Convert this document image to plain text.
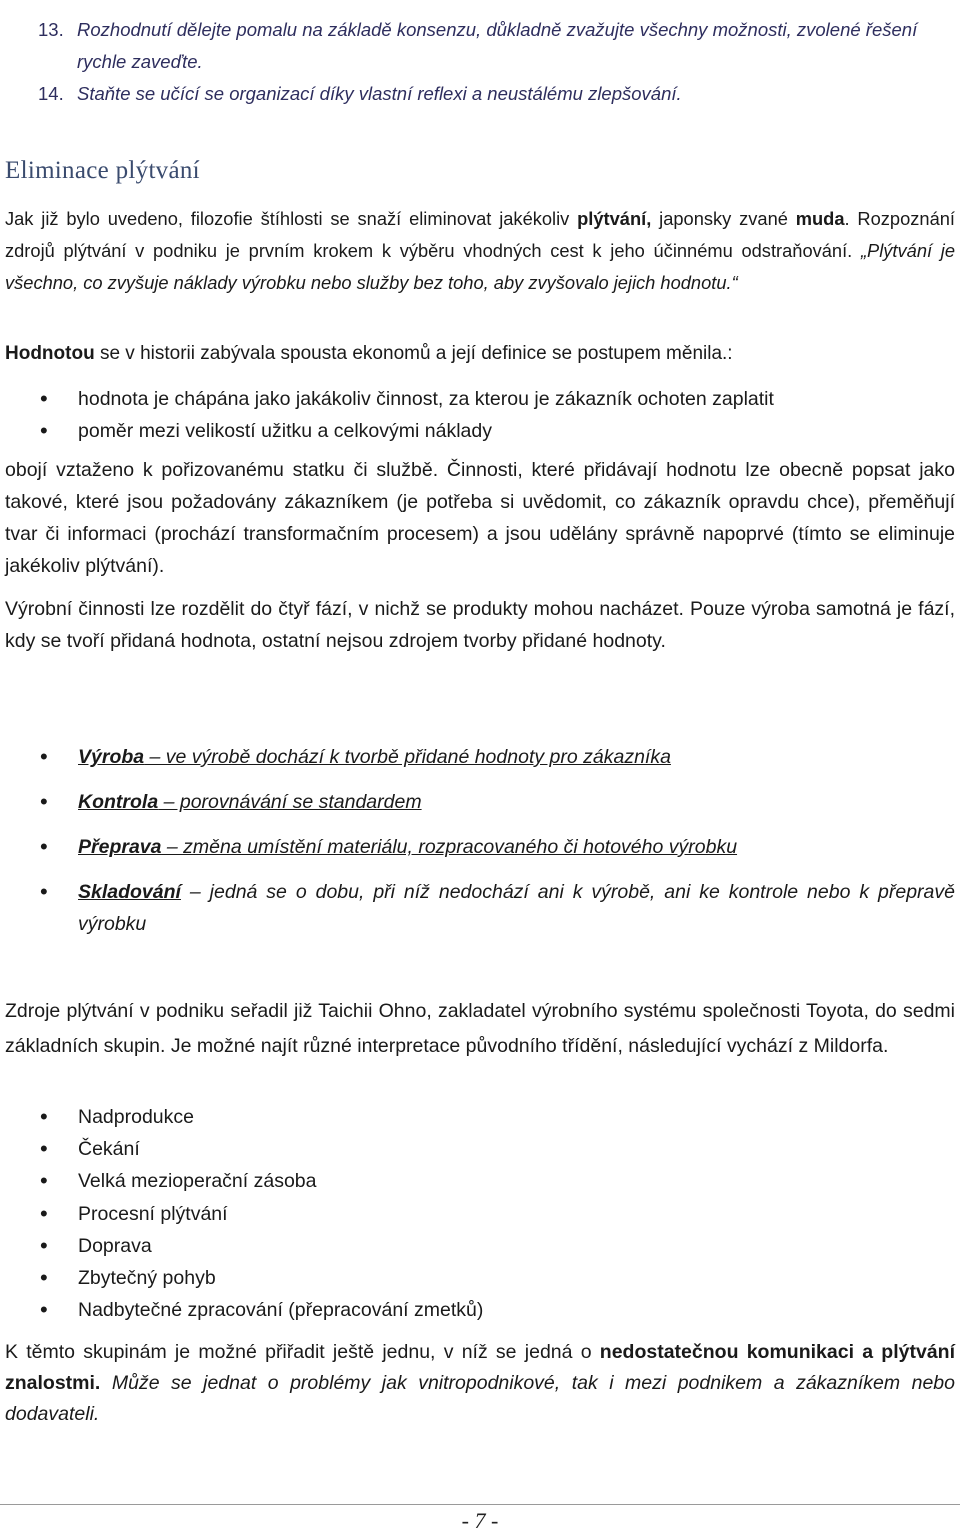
13. Rozhodnutí dělejte pomalu na základě konsenzu, důkladně zvažujte všechny možnosti, zvolené řešení rychle zaveďte.
14. Staňte se učící se organizací díky vlastní reflexi a neustálému zlepšování.
Eliminace plýtvání

Jak již bylo uvedeno, filozofie štíhlosti se snaží eliminovat jakékoliv plýtvání, japonsky zvané muda. Rozpoznání zdrojů plýtvání v podniku je prvním krokem k výběru vhodných cest k jeho účinnému odstraňování. „Plýtvání je všechno, co zvyšuje náklady výrobku nebo služby bez toho, aby zvyšovalo jejich hodnotu.“

Hodnotou se v historii zabývala spousta ekonomů a její definice se postupem měnila.:

•	hodnota je chápána jako jakákoliv činnost, za kterou je zákazník ochoten zaplatit
•	poměr mezi velikostí užitku a celkovými náklady

obojí vztaženo k pořizovanému statku či službě. Činnosti, které přidávají hodnotu lze obecně popsat jako takové, které jsou požadovány zákazníkem (je potřeba si uvědomit, co zákazník opravdu chce), přeměňují tvar či informaci (prochází transformačním procesem) a jsou udělány správně napoprvé (tímto se eliminuje jakékoliv plýtvání).

Výrobní činnosti lze rozdělit do čtyř fází, v nichž se produkty mohou nacházet. Pouze výroba samotná je fází, kdy se tvoří přidaná hodnota, ostatní nejsou zdrojem tvorby přidané hodnoty.

•	Výroba – ve výrobě dochází k tvorbě přidané hodnoty pro zákazníka
•	Kontrola – porovnávání se standardem
•	Přeprava – změna umístění materiálu, rozpracovaného či hotového výrobku
•	Skladování – jedná se o dobu, při níž nedochází ani k výrobě, ani ke kontrole nebo k přepravě výrobku

Zdroje plýtvání v podniku seřadil již Taichii Ohno, zakladatel výrobního systému společnosti Toyota, do sedmi základních skupin. Je možné najít různé interpretace původního třídění, následující vychází z Mildorfa.

•	Nadprodukce
•	Čekání
•	Velká mezioperační zásoba
•	Procesní plýtvání
•	Doprava
•	Zbytečný pohyb
•	Nadbytečné zpracování (přepracování zmetků)

K těmto skupinám je možné přiřadit ještě jednu, v níž se jedná o nedostatečnou komunikaci a plýtvání znalostmi. Může se jednat o problémy jak vnitropodnikové, tak i mezi podnikem a zákazníkem nebo dodavateli.

- 7 -
